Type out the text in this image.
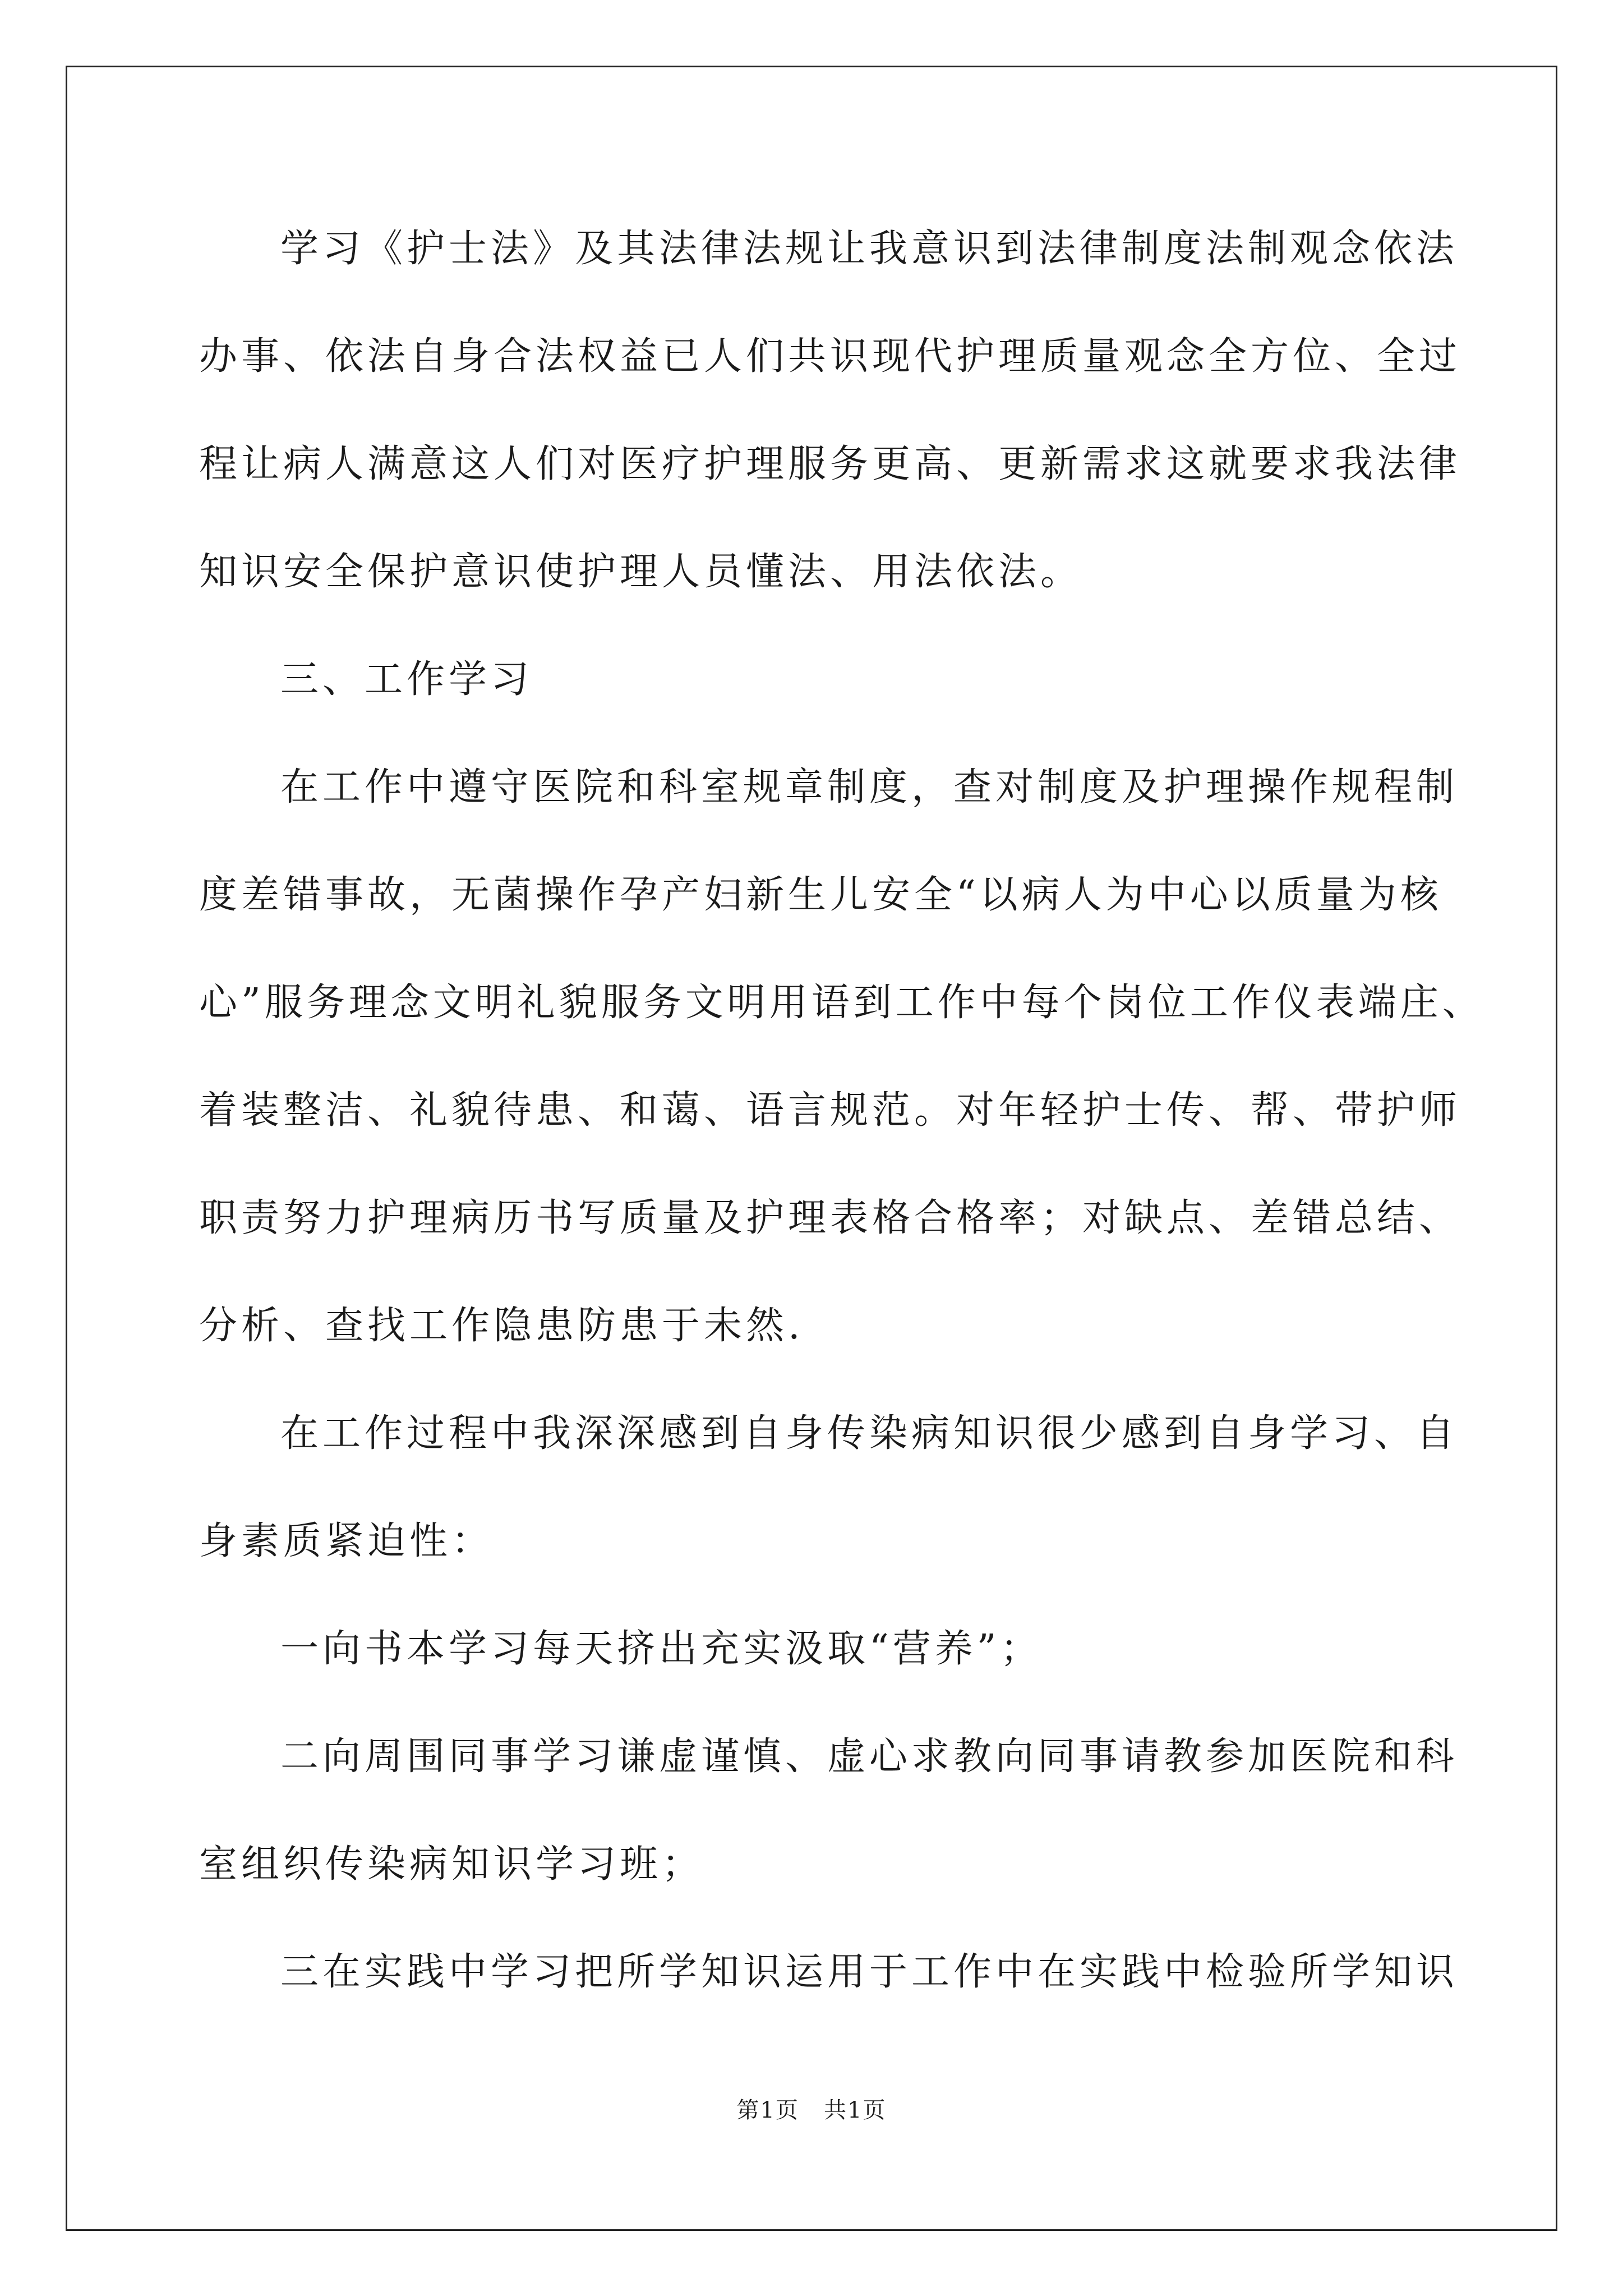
学习《护士法》及其法律法规让我意识到法律制度法制观念依法
办事、依法自身合法权益已人们共识现代护理质量观念全方位、全过
程让病人满意这人们对医疗护理服务更高、更新需求这就要求我法律
知识安全保护意识使护理人员懂法、用法依法。
三、工作学习
在工作中遵守医院和科室规章制度，查对制度及护理操作规程制
度差错事故，无菌操作孕产妇新生儿安全“以病人为中心以质量为核
心”服务理念文明礼貌服务文明用语到工作中每个岗位工作仪表端庄、
着装整洁、礼貌待患、和蔼、语言规范。对年轻护士传、帮、带护师
职责努力护理病历书写质量及护理表格合格率；对缺点、差错总结、
分析、查找工作隐患防患于未然.
在工作过程中我深深感到自身传染病知识很少感到自身学习、自
身素质紧迫性：
一向书本学习每天挤出充实汲取“营养”；
二向周围同事学习谦虚谨慎、虚心求教向同事请教参加医院和科
室组织传染病知识学习班；
三在实践中学习把所学知识运用于工作中在实践中检验所学知识
第1页 共1页
